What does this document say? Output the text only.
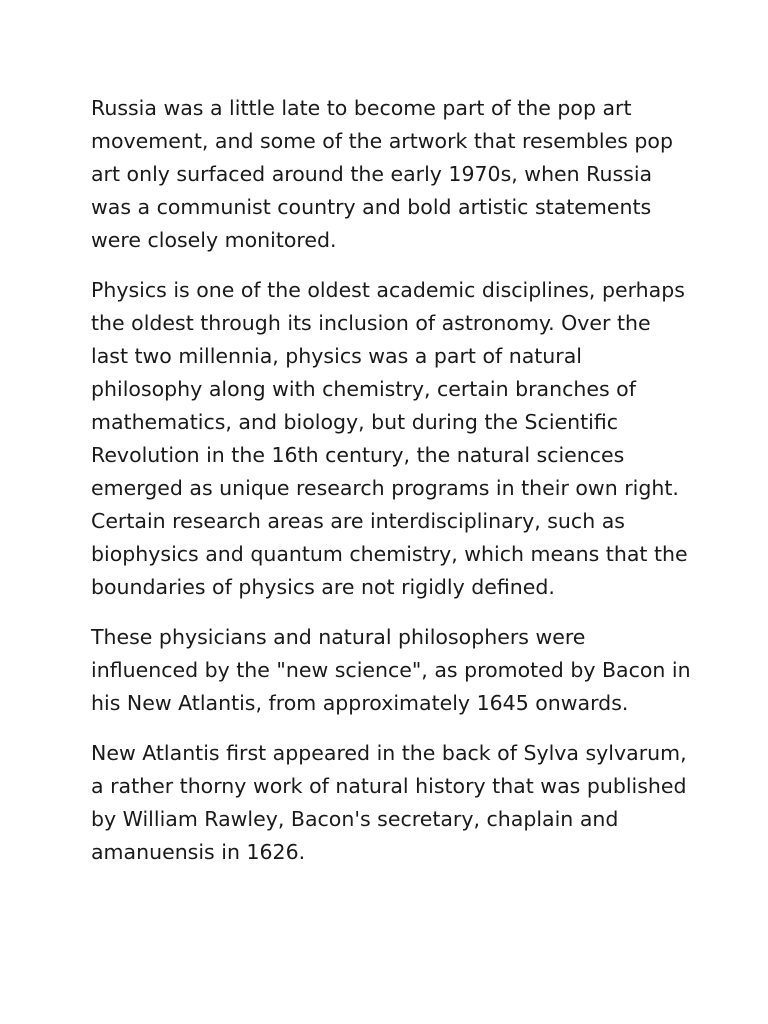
Russia was a little late to become part of the pop art movement, and some of the artwork that resembles pop art only surfaced around the early 1970s, when Russia was a communist country and bold artistic statements were closely monitored.

Physics is one of the oldest academic disciplines, perhaps the oldest through its inclusion of astronomy. Over the last two millennia, physics was a part of natural philosophy along with chemistry, certain branches of mathematics, and biology, but during the Scientific Revolution in the 16th century, the natural sciences emerged as unique research programs in their own right. Certain research areas are interdisciplinary, such as biophysics and quantum chemistry, which means that the boundaries of physics are not rigidly defined.

These physicians and natural philosophers were influenced by the "new science", as promoted by Bacon in his New Atlantis, from approximately 1645 onwards.

New Atlantis first appeared in the back of Sylva sylvarum, a rather thorny work of natural history that was published by William Rawley, Bacon's secretary, chaplain and amanuensis in 1626.
